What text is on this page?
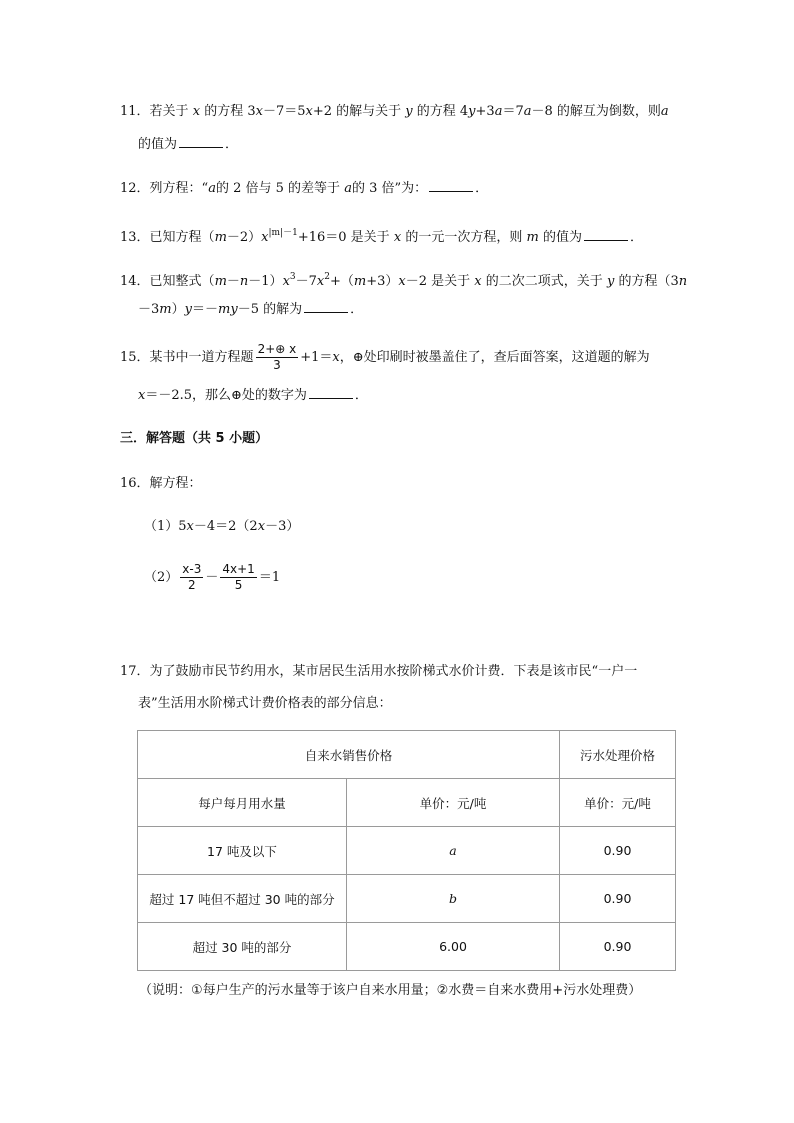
11．若关于 x 的方程 3x－7＝5x+2 的解与关于 y 的方程 4y+3a＝7a－8 的解互为倒数，则a
的值为	．
12．列方程：“a的 2 倍与 5 的差等于 a的 3 倍”为：	．
13．已知方程$(m-2)x^{|m|-1}+16=0$ 是关于 x 的一元一次方程，则 m 的值为	．
14．已知整式$(m-n-1)x^3-7x^2+(m+3)x-2$ 是关于 x 的二次二项式，关于 y 的方程（3n
－3m）y＝－my－5 的解为	．
15．某书中一道方程题 $\frac{2+\oplus x}{3} +1=x$，⊕处印刷时被墨盖住了，查后面答案，这道题的解为
x＝－2.5，那么⊕处的数字为	．
三．解答题（共 5 小题）
16．解方程：
（1）5x－4＝2（2x－3）
$(2) \frac{x-3}{2} - \frac{4x+1}{5} =1$
17．为了鼓励市民节约用水，某市居民生活用水按阶梯式水价计费．下表是该市民“一户一
表”生活用水阶梯式计费价格表的部分信息：
自来水销售价格		污水处理价格
每户每月用水量	单价：元/吨	单价：元/吨
17 吨及以下	a	0.90
超过 17 吨但不超过 30 吨的部分	b	0.90
超过 30 吨的部分	6.00	0.90
（说明：①每户生产的污水量等于该户自来水用量；②水费＝自来水费用+污水处理费）
